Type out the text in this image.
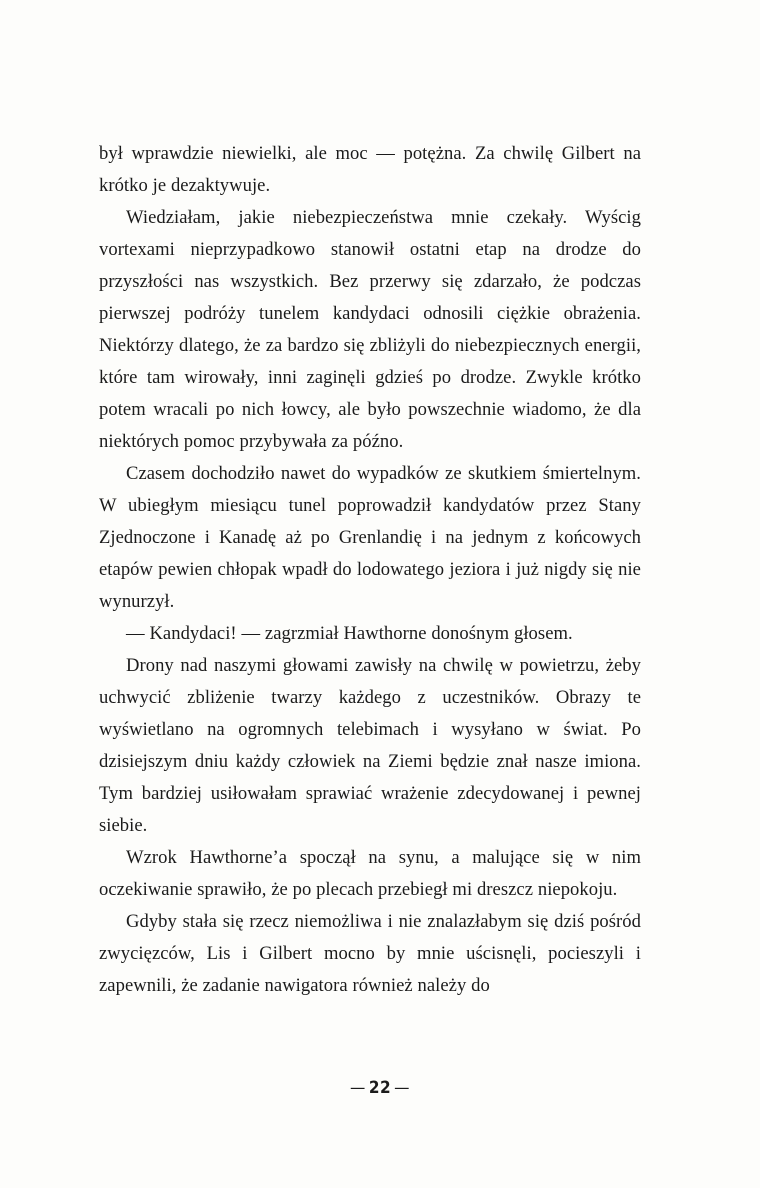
był wprawdzie niewielki, ale moc — potężna. Za chwilę Gilbert na krótko je dezaktywuje.

Wiedziałam, jakie niebezpieczeństwa mnie czekały. Wyścig vortexami nieprzypadkowo stanowił ostatni etap na drodze do przyszłości nas wszystkich. Bez przerwy się zdarzało, że podczas pierwszej podróży tunelem kandydaci odnosili ciężkie obrażenia. Niektórzy dlatego, że za bardzo się zbliżyli do niebezpiecznych energii, które tam wirowały, inni zaginęli gdzieś po drodze. Zwykle krótko potem wracali po nich łowcy, ale było powszechnie wiadomo, że dla niektórych pomoc przybywała za późno.

Czasem dochodziło nawet do wypadków ze skutkiem śmiertelnym. W ubiegłym miesiącu tunel poprowadził kandydatów przez Stany Zjednoczone i Kanadę aż po Grenlandię i na jednym z końcowych etapów pewien chłopak wpadł do lodowatego jeziora i już nigdy się nie wynurzył.

— Kandydaci! — zagrzmiał Hawthorne donośnym głosem.

Drony nad naszymi głowami zawisły na chwilę w powietrzu, żeby uchwycić zbliżenie twarzy każdego z uczestników. Obrazy te wyświetlano na ogromnych telebimach i wysyłano w świat. Po dzisiejszym dniu każdy człowiek na Ziemi będzie znał nasze imiona. Tym bardziej usiłowałam sprawiać wrażenie zdecydowanej i pewnej siebie.

Wzrok Hawthorne’a spoczął na synu, a malujące się w nim oczekiwanie sprawiło, że po plecach przebiegł mi dreszcz niepokoju.

Gdyby stała się rzecz niemożliwa i nie znalazłabym się dziś pośród zwycięzców, Lis i Gilbert mocno by mnie uścisnęli, pocieszyli i zapewnili, że zadanie nawigatora również należy do

— 22 —
